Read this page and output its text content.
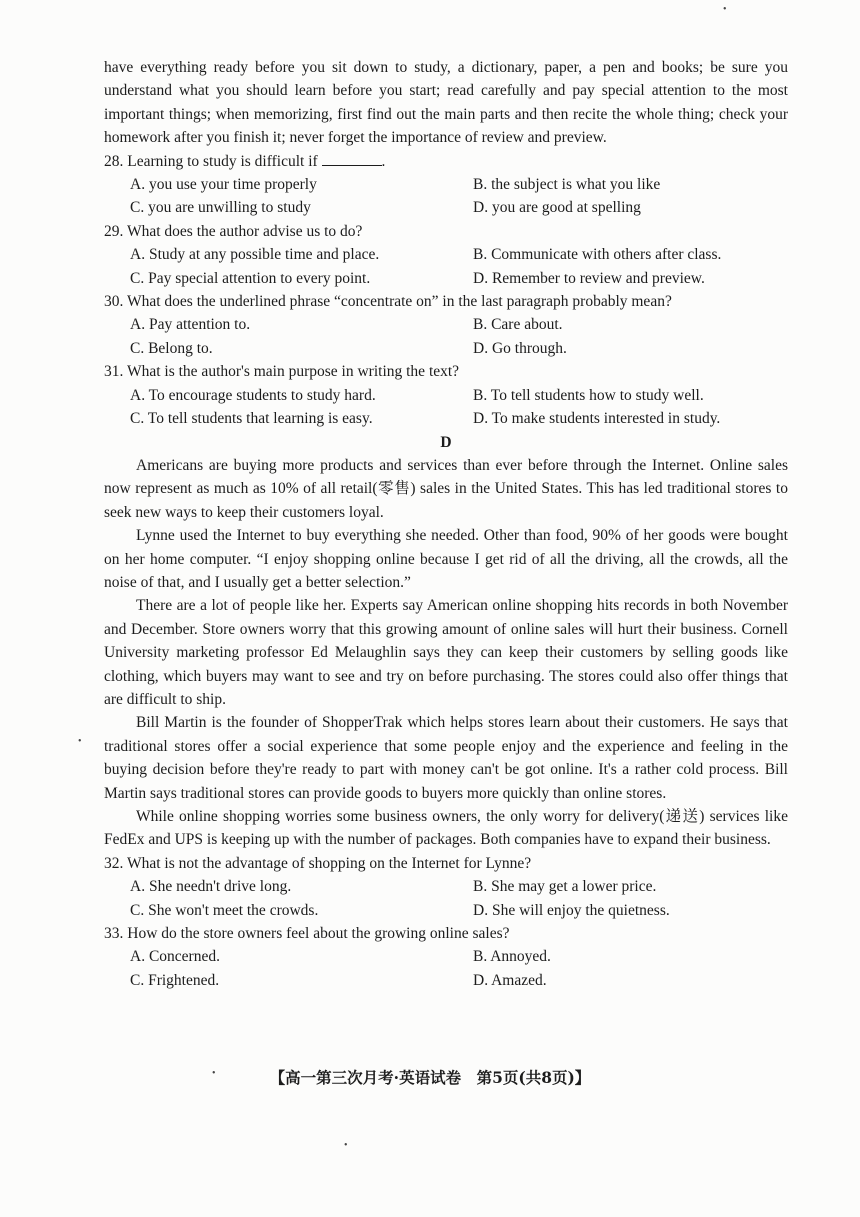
have everything ready before you sit down to study, a dictionary, paper, a pen and books; be sure you understand what you should learn before you start; read carefully and pay special attention to the most important things; when memorizing, first find out the main parts and then recite the whole thing; check your homework after you finish it; never forget the importance of review and preview.

28. Learning to study is difficult if	.

A. you use your time properly	B. the subject is what you like
C. you are unwilling to study	D. you are good at spelling

29. What does the author advise us to do?

A. Study at any possible time and place.	B. Communicate with others after class.
C. Pay special attention to every point.	D. Remember to review and preview.

30. What does the underlined phrase “concentrate on” in the last paragraph probably mean?

A. Pay attention to.	B. Care about.
C. Belong to.	D. Go through.

31. What is the author's main purpose in writing the text?

A. To encourage students to study hard.	B. To tell students how to study well.
C. To tell students that learning is easy.	D. To make students interested in study.

D

Americans are buying more products and services than ever before through the Internet. Online sales now represent as much as 10% of all retail(零售) sales in the United States. This has led traditional stores to seek new ways to keep their customers loyal.

Lynne used the Internet to buy everything she needed. Other than food, 90% of her goods were bought on her home computer. “I enjoy shopping online because I get rid of all the driving, all the crowds, all the noise of that, and I usually get a better selection.”

There are a lot of people like her. Experts say American online shopping hits records in both November and December. Store owners worry that this growing amount of online sales will hurt their business. Cornell University marketing professor Ed Melaughlin says they can keep their customers by selling goods like clothing, which buyers may want to see and try on before purchasing. The stores could also offer things that are difficult to ship.

Bill Martin is the founder of ShopperTrak which helps stores learn about their customers. He says that traditional stores offer a social experience that some people enjoy and the experience and feeling in the buying decision before they're ready to part with money can't be got online. It's a rather cold process. Bill Martin says traditional stores can provide goods to buyers more quickly than online stores.

While online shopping worries some business owners, the only worry for delivery(递送) services like FedEx and UPS is keeping up with the number of packages. Both companies have to expand their business.

32. What is not the advantage of shopping on the Internet for Lynne?

A. She needn't drive long.	B. She may get a lower price.
C. She won't meet the crowds.	D. She will enjoy the quietness.

33. How do the store owners feel about the growing online sales?

A. Concerned.	B. Annoyed.
C. Frightened.	D. Amazed.
【高一第三次月考·英语试卷　第5页(共8页)】
•
•
•
•
